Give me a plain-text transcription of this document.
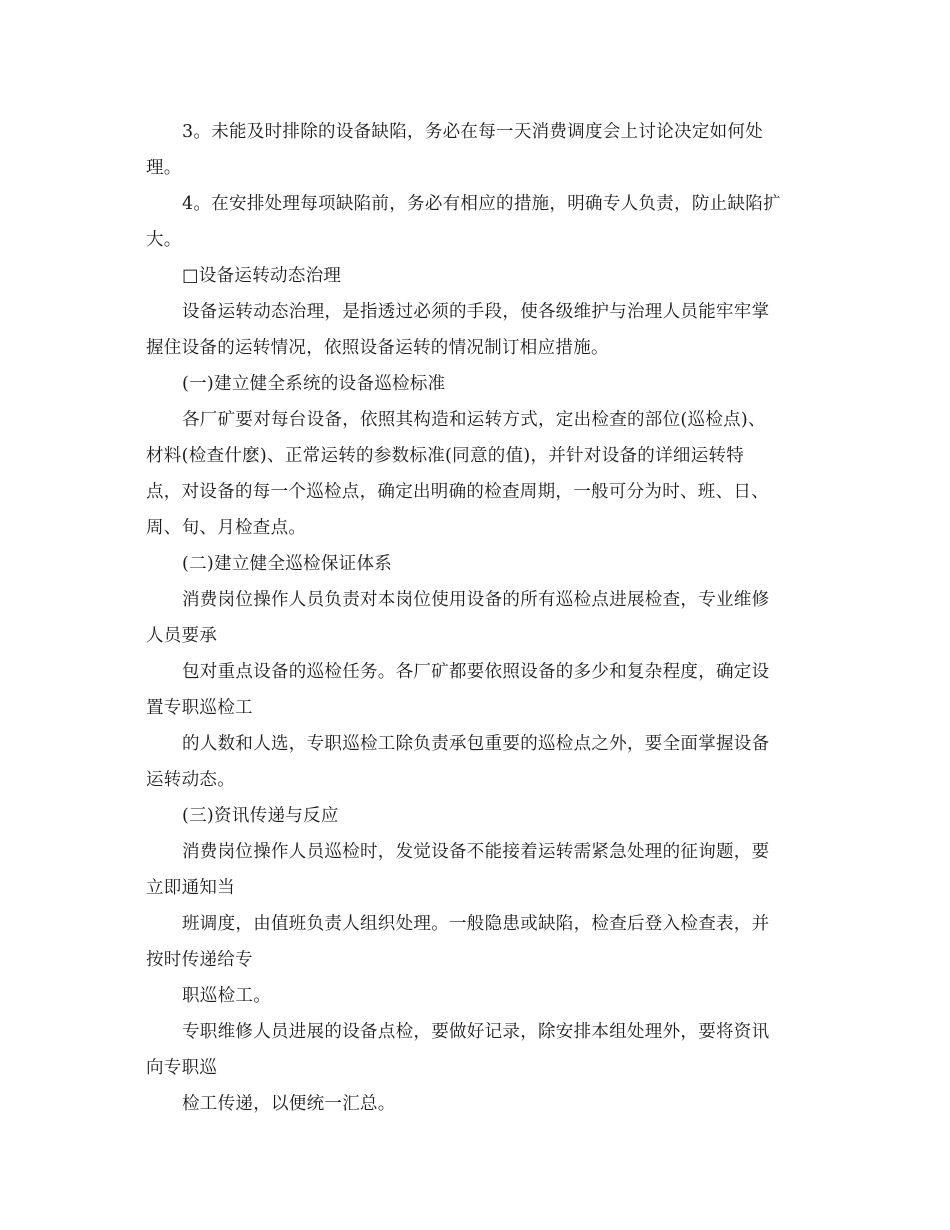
3。未能及时排除的设备缺陷，务必在每一天消费调度会上讨论决定如何处
理。
4。在安排处理每项缺陷前，务必有相应的措施，明确专人负责，防止缺陷扩
大。
□设备运转动态治理
设备运转动态治理，是指透过必须的手段，使各级维护与治理人员能牢牢掌
握住设备的运转情况，依照设备运转的情况制订相应措施。
(一)建立健全系统的设备巡检标准
各厂矿要对每台设备，依照其构造和运转方式，定出检查的部位(巡检点)、
材料(检查什麽)、正常运转的参数标准(同意的值)，并针对设备的详细运转特
点，对设备的每一个巡检点，确定出明确的检查周期，一般可分为时、班、日、
周、旬、月检查点。
(二)建立健全巡检保证体系
消费岗位操作人员负责对本岗位使用设备的所有巡检点进展检查，专业维修
人员要承
包对重点设备的巡检任务。各厂矿都要依照设备的多少和复杂程度，确定设
置专职巡检工
的人数和人选，专职巡检工除负责承包重要的巡检点之外，要全面掌握设备
运转动态。
(三)资讯传递与反应
消费岗位操作人员巡检时，发觉设备不能接着运转需紧急处理的征询题，要
立即通知当
班调度，由值班负责人组织处理。一般隐患或缺陷，检查后登入检查表，并
按时传递给专
职巡检工。
专职维修人员进展的设备点检，要做好记录，除安排本组处理外，要将资讯
向专职巡
检工传递，以便统一汇总。
